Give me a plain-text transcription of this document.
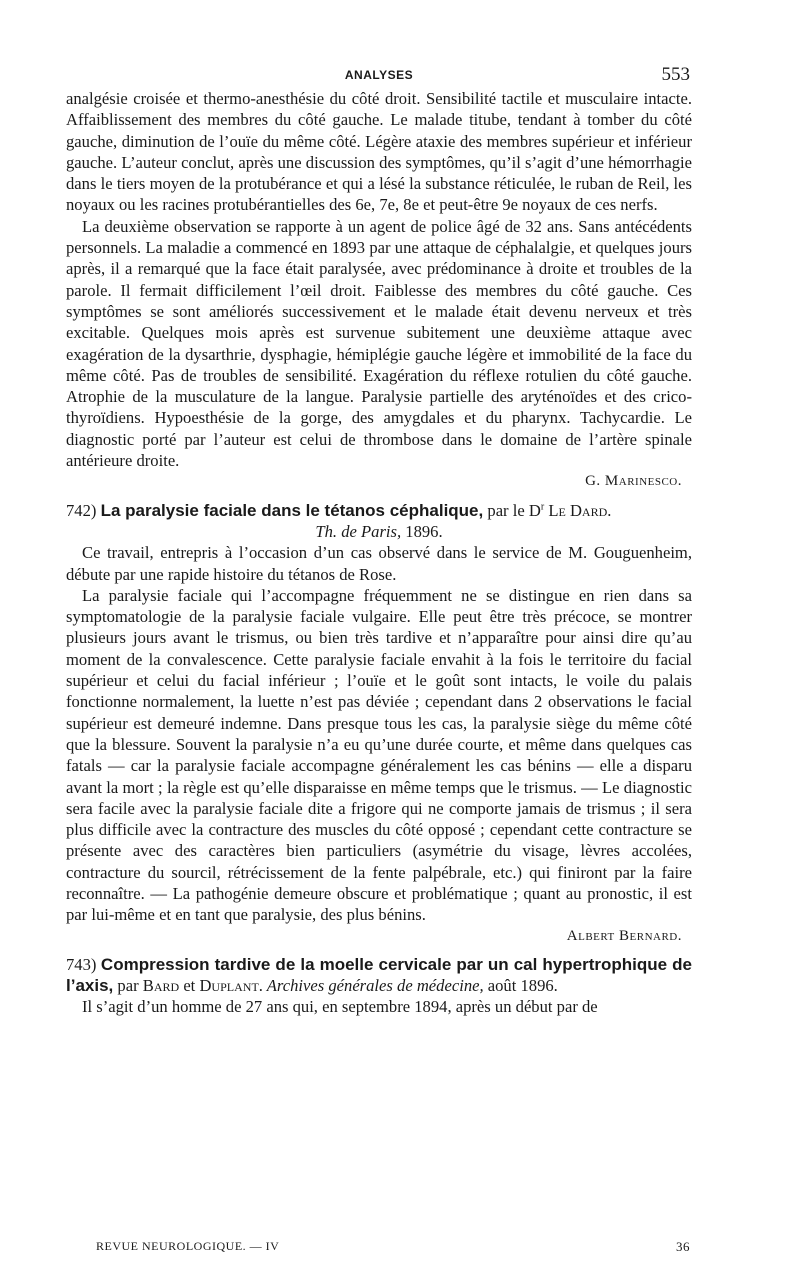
ANALYSES	553

analgésie croisée et thermo-anesthésie du côté droit. Sensibilité tactile et musculaire intacte. Affaiblissement des membres du côté gauche. Le malade titube, tendant à tomber du côté gauche, diminution de l’ouïe du même côté. Légère ataxie des membres supérieur et inférieur gauche. L’auteur conclut, après une discussion des symptômes, qu’il s’agit d’une hémorrhagie dans le tiers moyen de la protubérance et qui a lésé la substance réticulée, le ruban de Reil, les noyaux ou les racines protubérantielles des 6e, 7e, 8e et peut-être 9e noyaux de ces nerfs.

La deuxième observation se rapporte à un agent de police âgé de 32 ans. Sans antécédents personnels. La maladie a commencé en 1893 par une attaque de céphalalgie, et quelques jours après, il a remarqué que la face était paralysée, avec prédominance à droite et troubles de la parole. Il fermait difficilement l’œil droit. Faiblesse des membres du côté gauche. Ces symptômes se sont améliorés successivement et le malade était devenu nerveux et très excitable. Quelques mois après est survenue subitement une deuxième attaque avec exagération de la dysarthrie, dysphagie, hémiplégie gauche légère et immobilité de la face du même côté. Pas de troubles de sensibilité. Exagération du réflexe rotulien du côté gauche. Atrophie de la musculature de la langue. Paralysie partielle des aryténoïdes et des crico-thyroïdiens. Hypoesthésie de la gorge, des amygdales et du pharynx. Tachycardie. Le diagnostic porté par l’auteur est celui de thrombose dans le domaine de l’artère spinale antérieure droite.

G. Marinesco.
742) La paralysie faciale dans le tétanos céphalique, par le $D^r$ Le Dard.
Th. de Paris, 1896.

Ce travail, entrepris à l’occasion d’un cas observé dans le service de M. Gouguenheim, débute par une rapide histoire du tétanos de Rose.

La paralysie faciale qui l’accompagne fréquemment ne se distingue en rien dans sa symptomatologie de la paralysie faciale vulgaire. Elle peut être très précoce, se montrer plusieurs jours avant le trismus, ou bien très tardive et n’apparaître pour ainsi dire qu’au moment de la convalescence. Cette paralysie faciale envahit à la fois le territoire du facial supérieur et celui du facial inférieur ; l’ouïe et le goût sont intacts, le voile du palais fonctionne normalement, la luette n’est pas déviée ; cependant dans 2 observations le facial supérieur est demeuré indemne. Dans presque tous les cas, la paralysie siège du même côté que la blessure. Souvent la paralysie n’a eu qu’une durée courte, et même dans quelques cas fatals — car la paralysie faciale accompagne généralement les cas bénins — elle a disparu avant la mort ; la règle est qu’elle disparaisse en même temps que le trismus. — Le diagnostic sera facile avec la paralysie faciale dite a frigore qui ne comporte jamais de trismus ; il sera plus difficile avec la contracture des muscles du côté opposé ; cependant cette contracture se présente avec des caractères bien particuliers (asymétrie du visage, lèvres accolées, contracture du sourcil, rétrécissement de la fente palpébrale, etc.) qui finiront par la faire reconnaître. — La pathogénie demeure obscure et problématique ; quant au pronostic, il est par lui-même et en tant que paralysie, des plus bénins.

Albert Bernard.
743) Compression tardive de la moelle cervicale par un cal hypertrophique de l’axis, par Bard et Duplant. Archives générales de médecine, août 1896.

Il s’agit d’un homme de 27 ans qui, en septembre 1894, après un début par de

REVUE NEUROLOGIQUE. — IV	36
